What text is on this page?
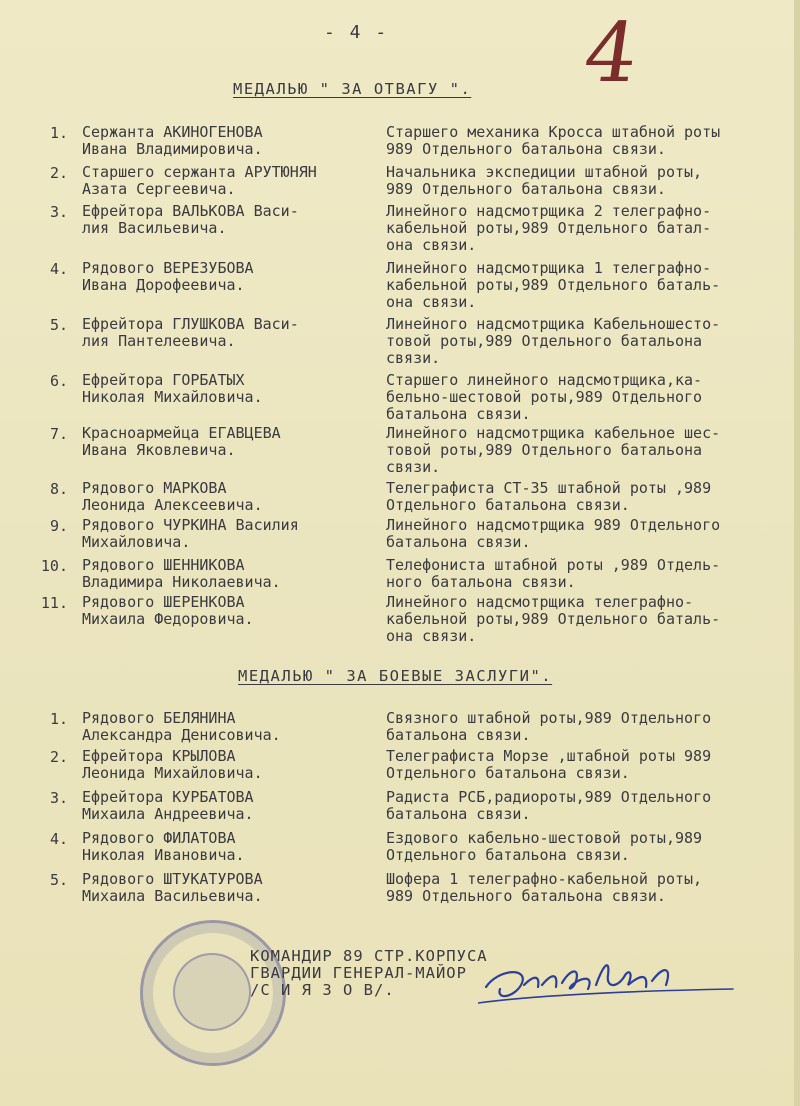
- 4 - 4
МЕДАЛЬЮ " ЗА ОТВАГУ ".
1. Сержанта АКИНОГЕНОВА
Ивана Владимировича.
Старшего механика Кросса штабной роты
989 Отдельного батальона связи.
2. Старшего сержанта АРУТЮНЯН
Азата Сергеевича.
Начальника экспедиции штабной роты,
989 Отдельного батальона связи.
3. Ефрейтора ВАЛЬКОВА Васи-
лия Васильевича.
Линейного надсмотрщика 2 телеграфно-
кабельной роты,989 Отдельного батал-
она связи.
4. Рядового ВЕРЕЗУБОВА
Ивана Дорофеевича.
Линейного надсмотрщика 1 телеграфно-
кабельной роты,989 Отдельного баталь-
она связи.
5. Ефрейтора ГЛУШКОВА Васи-
лия Пантелеевича.
Линейного надсмотрщика Кабельношесто-
товой роты,989 Отдельного батальона
связи.
6. Ефрейтора ГОРБАТЫХ
Николая Михайловича.
Старшего линейного надсмотрщика,ка-
бельно-шестовой роты,989 Отдельного
батальона связи.
7. Красноармейца ЕГАВЦЕВА
Ивана Яковлевича.
Линейного надсмотрщика кабельное шес-
товой роты,989 Отдельного батальона
связи.
8. Рядового МАРКОВА
Леонида Алексеевича.
Телеграфиста СТ-35 штабной роты ,989
Отдельного батальона связи.
9. Рядового ЧУРКИНА Василия
Михайловича.
Линейного надсмотрщика 989 Отдельного
батальона связи.
10. Рядового ШЕННИКОВА
Владимира Николаевича.
Телефониста штабной роты ,989 Отдель-
ного батальона связи.
11. Рядового ШЕРЕНКОВА
Михаила Федоровича.
Линейного надсмотрщика телеграфно-
кабельной роты,989 Отдельного баталь-
она связи.
МЕДАЛЬЮ " ЗА БОЕВЫЕ ЗАСЛУГИ".
1. Рядового БЕЛЯНИНА
Александра Денисовича.
Связного штабной роты,989 Отдельного
батальона связи.
2. Ефрейтора КРЫЛОВА
Леонида Михайловича.
Телеграфиста Морзе ,штабной роты 989
Отдельного батальона связи.
3. Ефрейтора КУРБАТОВА
Михаила Андреевича.
Радиста РСБ,радиороты,989 Отдельного
батальона связи.
4. Рядового ФИЛАТОВА
Николая Ивановича.
Ездового кабельно-шестовой роты,989
Отдельного батальона связи.
5. Рядового ШТУКАТУРОВА
Михаила Васильевича.
Шофера 1 телеграфно-кабельной роты,
989 Отдельного батальона связи.
КОМАНДИР 89 СТР.КОРПУСА
ГВАРДИИ ГЕНЕРАЛ-МАЙОР
/С И Я З О В/.
